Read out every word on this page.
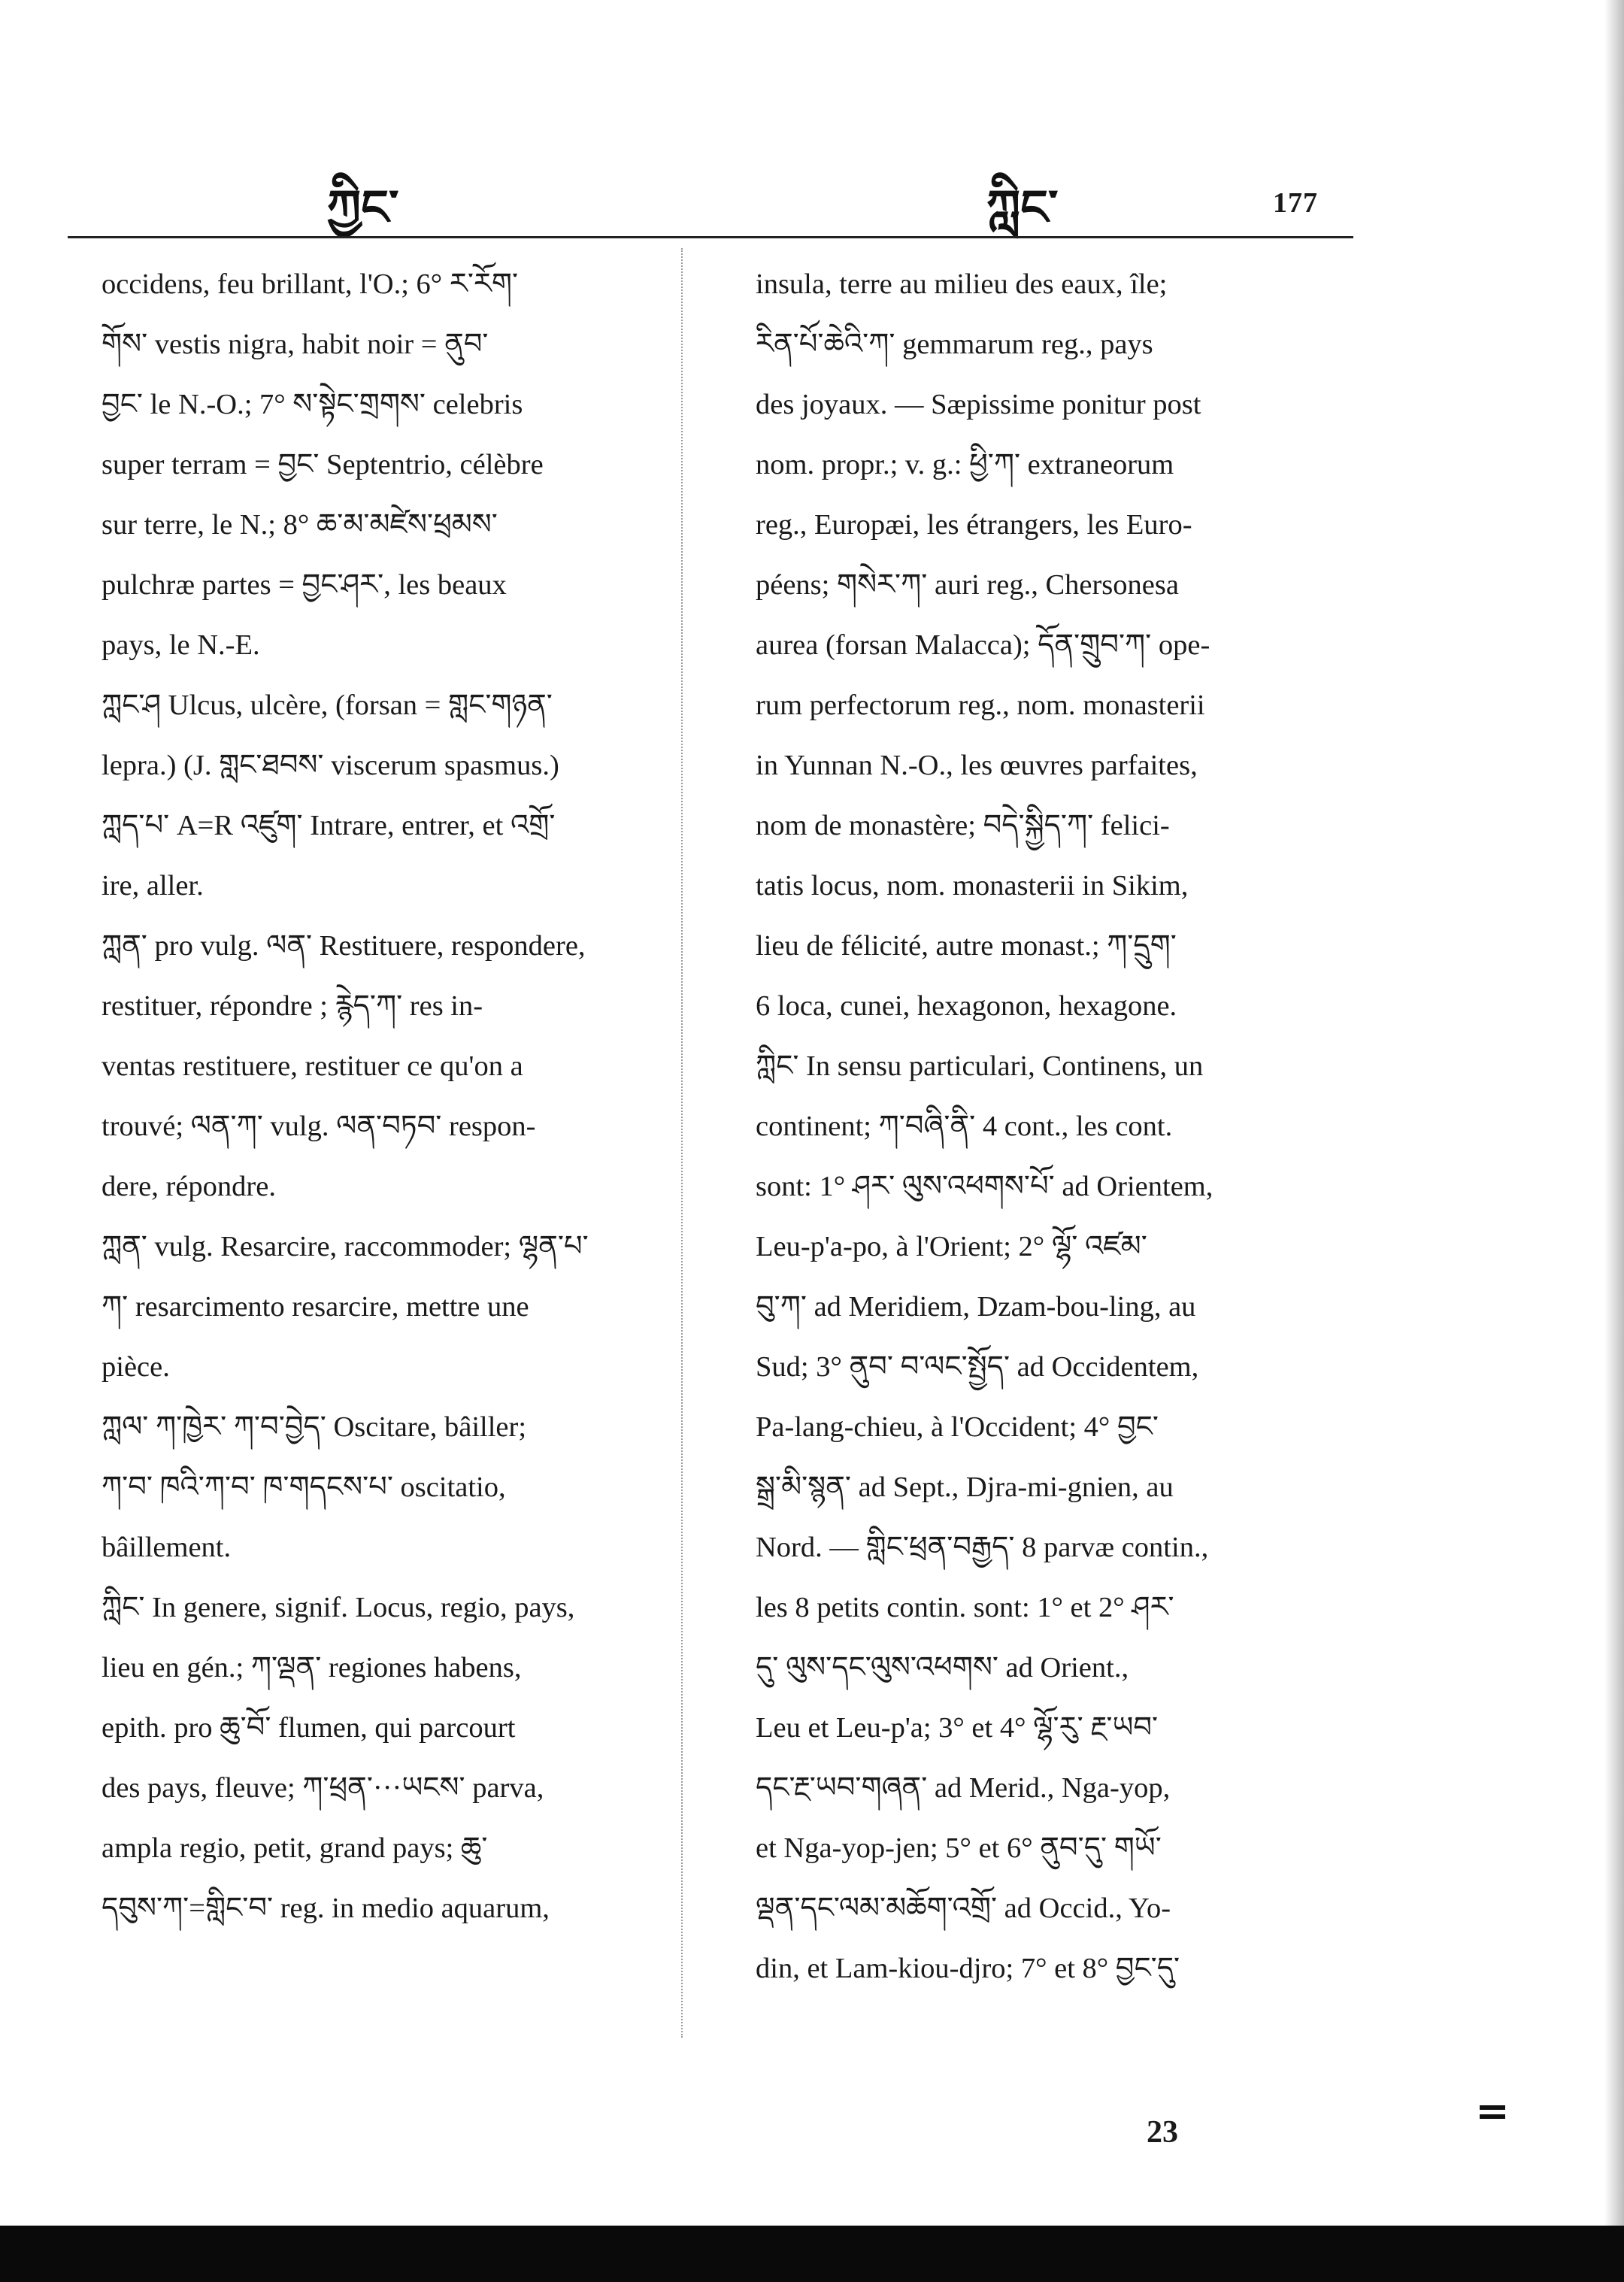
ཀྱིང་	ཀླིང་	177
occidens, feu brillant, l'O.; 6° ར་རོག་
གོས་ vestis nigra, habit noir = ནུབ་
བྱང་ le N.-O.; 7° ས་སྟེང་གྲགས་ celebris
super terram = བྱང་ Septentrio, célèbre
sur terre, le N.; 8° ཆ་མ་མཛེས་ཕྲམས་
pulchræ partes = བྱང་ཤར་, les beaux
pays, le N.-E.
ཀླང་ཤ Ulcus, ulcère, (forsan = གླང་གཉན་
lepra.) (J. གླང་ཐབས་ viscerum spasmus.)
ཀླད་པ་ A=R འཛུག་ Intrare, entrer, et འགྲོ་
ire, aller.
ཀླན་ pro vulg. ལན་ Restituere, respondere,
restituer, répondre ; རྙེད་ཀ་ res in-
ventas restituere, restituer ce qu'on a
trouvé; ལན་ཀ་ vulg. ལན་བཏབ་ respon-
dere, répondre.
ཀླན་ vulg. Resarcire, raccommoder; ལྷན་པ་
ཀ་ resarcimento resarcire, mettre une
pièce.
ཀླལ་ ཀ་ཁྱེར་ ཀ་བ་བྱེད་ Oscitare, bâiller;
ཀ་བ་ ཁའི་ཀ་བ་ ཁ་གདངས་པ་ oscitatio,
bâillement.
ཀླིང་ In genere, signif. Locus, regio, pays,
lieu en gén.; ཀ་ལྡན་ regiones habens,
epith. pro ཆུ་བོ་ flumen, qui parcourt
des pays, fleuve; ཀ་ཕྲན་···ཡངས་ parva,
ampla regio, petit, grand pays; ཆུ་
དབུས་ཀ་=གླིང་བ་ reg. in medio aquarum,
insula, terre au milieu des eaux, île;
རིན་པོ་ཆེའི་ཀ་ gemmarum reg., pays
des joyaux. — Sæpissime ponitur post
nom. propr.; v. g.: ཕྱི་ཀ་ extraneorum
reg., Europæi, les étrangers, les Euro-
péens; གསེར་ཀ་ auri reg., Chersonesa
aurea (forsan Malacca); དོན་གྲུབ་ཀ་ ope-
rum perfectorum reg., nom. monasterii
in Yunnan N.-O., les œuvres parfaites,
nom de monastère; བདེ་སྐྱིད་ཀ་ felici-
tatis locus, nom. monasterii in Sikim,
lieu de félicité, autre monast.; ཀ་དྲུག་
6 loca, cunei, hexagonon, hexagone.
ཀླིང་ In sensu particulari, Continens, un
continent; ཀ་བཞི་ནི་ 4 cont., les cont.
sont: 1° ཤར་ ལུས་འཕགས་པོ་ ad Orientem,
Leu-p'a-po, à l'Orient; 2° ལྷོ་ འཛམ་
བུ་ཀ་ ad Meridiem, Dzam-bou-ling, au
Sud; 3° ནུབ་ བ་ལང་སྤྱོད་ ad Occidentem,
Pa-lang-chieu, à l'Occident; 4° བྱང་
སྒྲ་མི་སྙན་ ad Sept., Djra-mi-gnien, au
Nord. — གླིང་ཕྲན་བརྒྱད་ 8 parvæ contin.,
les 8 petits contin. sont: 1° et 2° ཤར་
དུ་ ལུས་དང་ལུས་འཕགས་ ad Orient.,
Leu et Leu-p'a; 3° et 4° ལྷོ་རུ་ རྔ་ཡབ་
དང་རྔ་ཡབ་གཞན་ ad Merid., Nga-yop,
et Nga-yop-jen; 5° et 6° ནུབ་དུ་ གཡོ་
ལྡན་དང་ལམ་མཆོག་འགྲོ་ ad Occid., Yo-
din, et Lam-kiou-djro; 7° et 8° བྱང་དུ་
23
